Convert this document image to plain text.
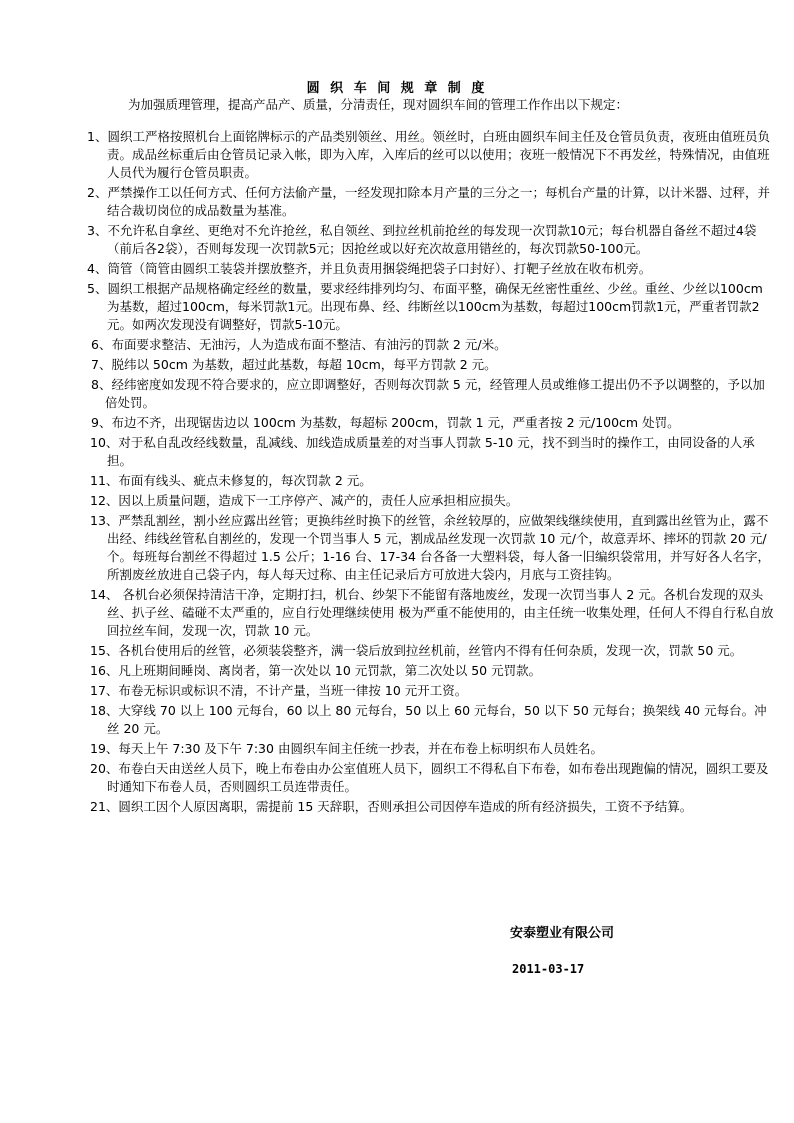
圆 织 车 间 规 章 制 度
为加强质理管理，提高产品产、质量，分清责任，现对圆织车间的管理工作作出以下规定：
1、圆织工严格按照机台上面铭牌标示的产品类别领丝、用丝。领丝时，白班由圆织车间主任及仓管员负责，夜班由值班员负责。成品丝标重后由仓管员记录入帐，即为入库，入库后的丝可以以使用；夜班一般情况下不再发丝，特殊情况，由值班人员代为履行仓管员职责。
2、严禁操作工以任何方式、任何方法偷产量，一经发现扣除本月产量的三分之一；每机台产量的计算，以计米器、过秤，并结合裁切岗位的成品数量为基准。
3、不允许私自拿丝、更绝对不允许抢丝，私自领丝、到拉丝机前抢丝的每发现一次罚款10元；每台机器自备丝不超过4袋（前后各2袋），否则每发现一次罚款5元；因抢丝或以好充次故意用错丝的，每次罚款50-100元。
4、筒管（筒管由圆织工装袋并摆放整齐，并且负责用捆袋绳把袋子口封好）、打靶子丝放在收布机旁。
5、圆织工根据产品规格确定经丝的数量，要求经纬排列均匀、布面平整，确保无丝密性重丝、少丝。重丝、少丝以100cm为基数，超过100cm，每米罚款1元。出现布鼻、经、纬断丝以100cm为基数，每超过100cm罚款1元，严重者罚款2元。如两次发现没有调整好，罚款5-10元。
6、布面要求整洁、无油污，人为造成布面不整洁、有油污的罚款 2 元/米。
7、脱纬以 50cm 为基数，超过此基数，每超 10cm，每平方罚款 2 元。
8、经纬密度如发现不符合要求的，应立即调整好，否则每次罚款 5 元，经管理人员或维修工提出仍不予以调整的，予以加倍处罚。
9、布边不齐，出现锯齿边以 100cm 为基数，每超标 200cm，罚款 1 元，严重者按 2 元/100cm 处罚。
10、对于私自乱改经线数量，乱减线、加线造成质量差的对当事人罚款 5-10 元，找不到当时的操作工，由同设备的人承担。
11、布面有线头、疵点未修复的，每次罚款 2 元。
12、因以上质量问题，造成下一工序停产、减产的，责任人应承担相应损失。
13、严禁乱割丝，割小丝应露出丝管；更换纬丝时换下的丝管，余丝较厚的，应做架线继续使用，直到露出丝管为止，露不出经、纬线丝管私自割丝的，发现一个罚当事人 5 元，割成品丝发现一次罚款 10 元/个，故意弄坏、摔坏的罚款 20 元/个。每班每台割丝不得超过 1.5 公斤；1-16 台、17-34 台各备一大塑料袋，每人备一旧编织袋常用，并写好各人名字，所割废丝放进自己袋子内，每人每天过称、由主任记录后方可放进大袋内，月底与工资挂钩。
14、 各机台必须保持清洁干净，定期打扫，机台、纱架下不能留有落地废丝，发现一次罚当事人 2 元。各机台发现的双头丝、扒子丝、磕碰不太严重的，应自行处理继续使用 极为严重不能使用的，由主任统一收集处理，任何人不得自行私自放回拉丝车间，发现一次，罚款 10 元。
15、各机台使用后的丝管，必须装袋整齐，满一袋后放到拉丝机前，丝管内不得有任何杂质，发现一次，罚款 50 元。
16、凡上班期间睡岗、离岗者，第一次处以 10 元罚款，第二次处以 50 元罚款。
17、布卷无标识或标识不清，不计产量，当班一律按 10 元开工资。
18、大穿线 70 以上 100 元每台，60 以上 80 元每台，50 以上 60 元每台，50 以下 50 元每台；换架线 40 元每台。冲丝 20 元。
19、每天上午 7:30 及下午 7:30 由圆织车间主任统一抄表，并在布卷上标明织布人员姓名。
20、布卷白天由送丝人员下，晚上布卷由办公室值班人员下，圆织工不得私自下布卷，如布卷出现跑偏的情况，圆织工要及时通知下布卷人员，否则圆织工员连带责任。
21、圆织工因个人原因离职，需提前 15 天辞职，否则承担公司因停车造成的所有经济损失，工资不予结算。
安泰塑业有限公司
2011-03-17
